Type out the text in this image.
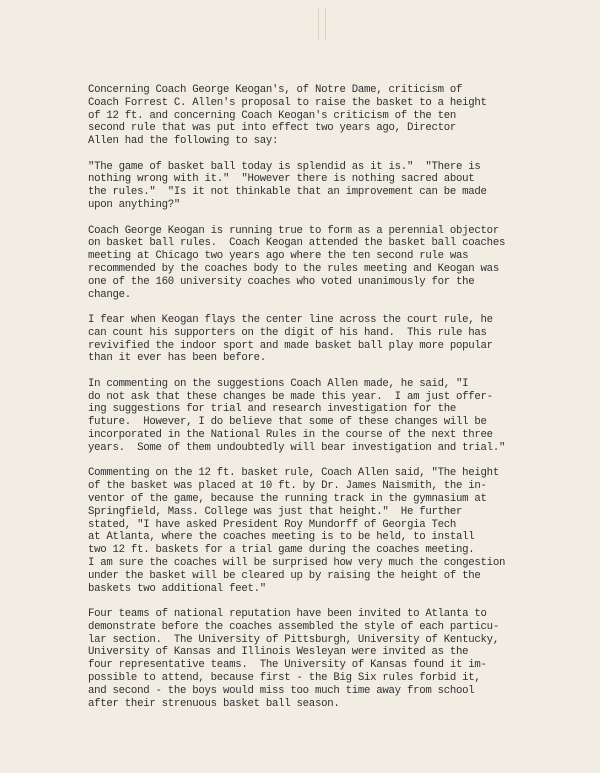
Concerning Coach George Keogan's, of Notre Dame, criticism of
Coach Forrest C. Allen's proposal to raise the basket to a height
of 12 ft. and concerning Coach Keogan's criticism of the ten
second rule that was put into effect two years ago, Director
Allen had the following to say:

"The game of basket ball today is splendid as it is."  "There is
nothing wrong with it."  "However there is nothing sacred about
the rules."  "Is it not thinkable that an improvement can be made
upon anything?"

Coach George Keogan is running true to form as a perennial objector
on basket ball rules.  Coach Keogan attended the basket ball coaches
meeting at Chicago two years ago where the ten second rule was
recommended by the coaches body to the rules meeting and Keogan was
one of the 160 university coaches who voted unanimously for the
change.

I fear when Keogan flays the center line across the court rule, he
can count his supporters on the digit of his hand.  This rule has
revivified the indoor sport and made basket ball play more popular
than it ever has been before.

In commenting on the suggestions Coach Allen made, he said, "I
do not ask that these changes be made this year.  I am just offer-
ing suggestions for trial and research investigation for the
future.  However, I do believe that some of these changes will be
incorporated in the National Rules in the course of the next three
years.  Some of them undoubtedly will bear investigation and trial."

Commenting on the 12 ft. basket rule, Coach Allen said, "The height
of the basket was placed at 10 ft. by Dr. James Naismith, the in-
ventor of the game, because the running track in the gymnasium at
Springfield, Mass. College was just that height."  He further
stated, "I have asked President Roy Mundorff of Georgia Tech
at Atlanta, where the coaches meeting is to be held, to install
two 12 ft. baskets for a trial game during the coaches meeting.
I am sure the coaches will be surprised how very much the congestion
under the basket will be cleared up by raising the height of the
baskets two additional feet."

Four teams of national reputation have been invited to Atlanta to
demonstrate before the coaches assembled the style of each particu-
lar section.  The University of Pittsburgh, University of Kentucky,
University of Kansas and Illinois Wesleyan were invited as the
four representative teams.  The University of Kansas found it im-
possible to attend, because first - the Big Six rules forbid it,
and second - the boys would miss too much time away from school
after their strenuous basket ball season.
